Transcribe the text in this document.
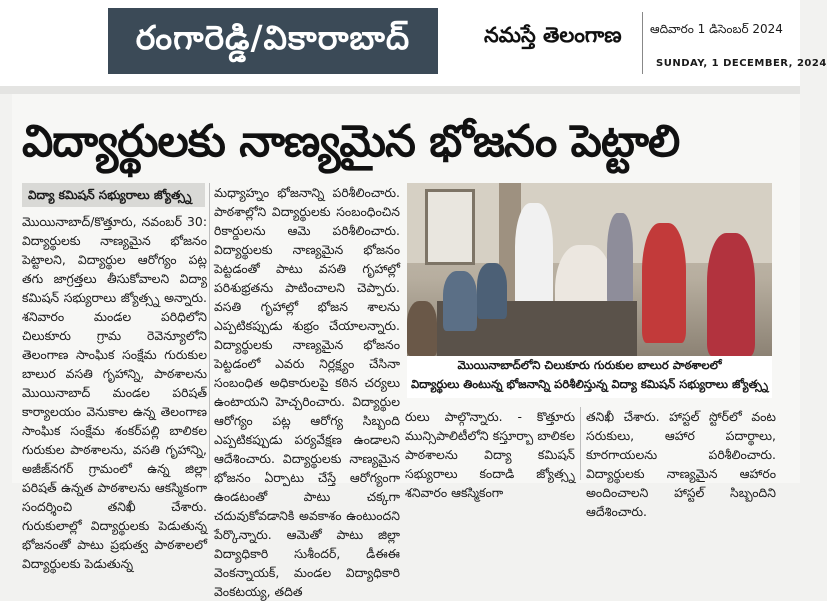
రంగారెడ్డి/వికారాబాద్	నమస్తే తెలంగాణ ఆదివారం 1 డిసెంబర్ 2024
SUNDAY, 1 DECEMBER, 2024
విద్యార్థులకు నాణ్యమైన భోజనం పెట్టాలి
విద్యా కమిషన్ సభ్యురాలు జ్యోత్స్న

మొయినాబాద్/కొత్తూరు, నవంబర్ 30: విద్యార్థులకు నాణ్యమైన భోజనం పెట్టాలని, విద్యార్థుల ఆరోగ్యం పట్ల తగు జాగ్రత్తలు తీసుకోవాలని విద్యా కమిషన్ సభ్యురాలు జ్యోత్స్న అన్నారు. శనివారం మండల పరిధిలోని చిలుకూరు గ్రామ రెవెన్యూలోని తెలంగాణ సాంఘిక సంక్షేమ గురుకుల బాలుర వసతి గృహాన్ని, పాఠశాలను మొయినాబాద్ మండల పరిషత్ కార్యాలయం వెనుకాల ఉన్న తెలంగాణ సాంఘిక సంక్షేమ శంకర్‌పల్లి బాలికల గురుకుల పాఠశాలను, వసతి గృహాన్ని, అజీజ్‌నగర్ గ్రామంలో ఉన్న జిల్లా పరిషత్ ఉన్నత పాఠశాలను ఆకస్మికంగా సందర్శించి తనిఖీ చేశారు. గురుకులాల్లో విద్యార్థులకు పెడుతున్న భోజనంతో పాటు ప్రభుత్వ పాఠశాలలో విద్యార్థులకు పెడుతున్న

మధ్యాహ్నం భోజనాన్ని పరిశీలించారు. పాఠశాల్లోని విద్యార్థులకు సంబంధించిన రికార్డులను ఆమె పరిశీలించారు. విద్యార్థులకు నాణ్యమైన భోజనం పెట్టడంతో పాటు వసతి గృహాల్లో పరిశుభ్రతను పాటించాలని చెప్పారు. వసతి గృహాల్లో భోజన శాలను ఎప్పటికప్పుడు శుభ్రం చేయాలన్నారు. విద్యార్థులకు నాణ్యమైన భోజనం పెట్టడంలో ఎవరు నిర్లక్ష్యం చేసినా సంబంధిత అధికారులపై కఠిన చర్యలు ఉంటాయని హెచ్చరించారు. విద్యార్థుల ఆరోగ్యం పట్ల ఆరోగ్య సిబ్బంది ఎప్పటికప్పుడు పర్యవేక్షణ ఉండాలని ఆదేశించారు. విద్యార్థులకు నాణ్యమైన భోజనం ఏర్పాటు చేస్తే ఆరోగ్యంగా ఉండటంతో పాటు చక్కగా చదువుకోవడానికి అవకాశం ఉంటుందని పేర్కొన్నారు. ఆమెతో పాటు జిల్లా విద్యాధికారి సుశీందర్, డీఈఈ వెంకన్నాయక్, మండల విద్యాధికారి వెంకటయ్య, తదిత

మొయినాబాద్‌లోని చిలుకూరు గురుకుల బాలుర పాఠశాలలో
విద్యార్థులు తింటున్న భోజనాన్ని పరిశీలిస్తున్న విద్యా కమిషన్ సభ్యురాలు జ్యోత్స్న

రులు పాల్గొన్నారు. - కొత్తూరు మున్సిపాలిటీలోని కస్తూర్బా బాలికల పాఠశాలను విద్యా కమిషన్ సభ్యురాలు కందాడి జ్యోత్స్న శనివారం ఆకస్మికంగా

తనిఖీ చేశారు. హాస్టల్ స్టోర్‌లో వంట సరుకులు, ఆహార పదార్థాలు, కూరగాయలను పరిశీలించారు. విద్యార్థులకు నాణ్యమైన ఆహారం అందించాలని హాస్టల్ సిబ్బందిని ఆదేశించారు.
